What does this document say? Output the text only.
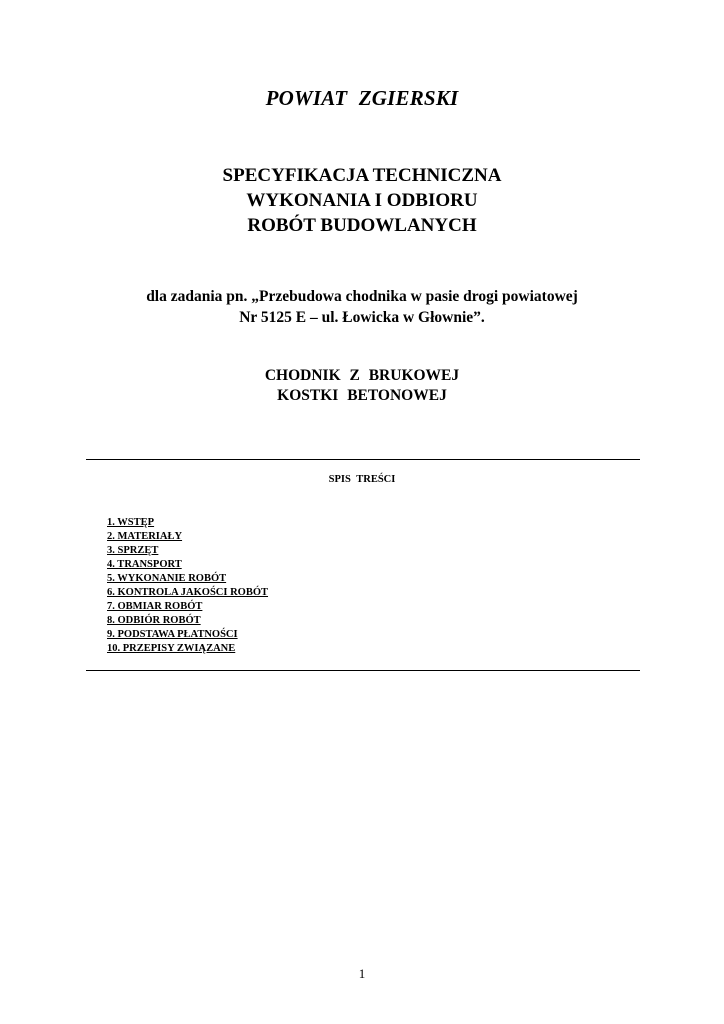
POWIAT ZGIERSKI
SPECYFIKACJA TECHNICZNA
WYKONANIA I ODBIORU
ROBÓT BUDOWLANYCH
dla zadania pn. „Przebudowa chodnika w pasie drogi powiatowej
Nr 5125 E – ul. Łowicka w Głownie”.
CHODNIK Z BRUKOWEJ
KOSTKI BETONOWEJ
SPIS TREŚCI
1. WSTĘP
2. MATERIAŁY
3. SPRZĘT
4. TRANSPORT
5. WYKONANIE ROBÓT
6. KONTROLA JAKOŚCI ROBÓT
7. OBMIAR ROBÓT
8. ODBIÓR ROBÓT
9. PODSTAWA PŁATNOŚCI
10. PRZEPISY ZWIĄZANE
1
